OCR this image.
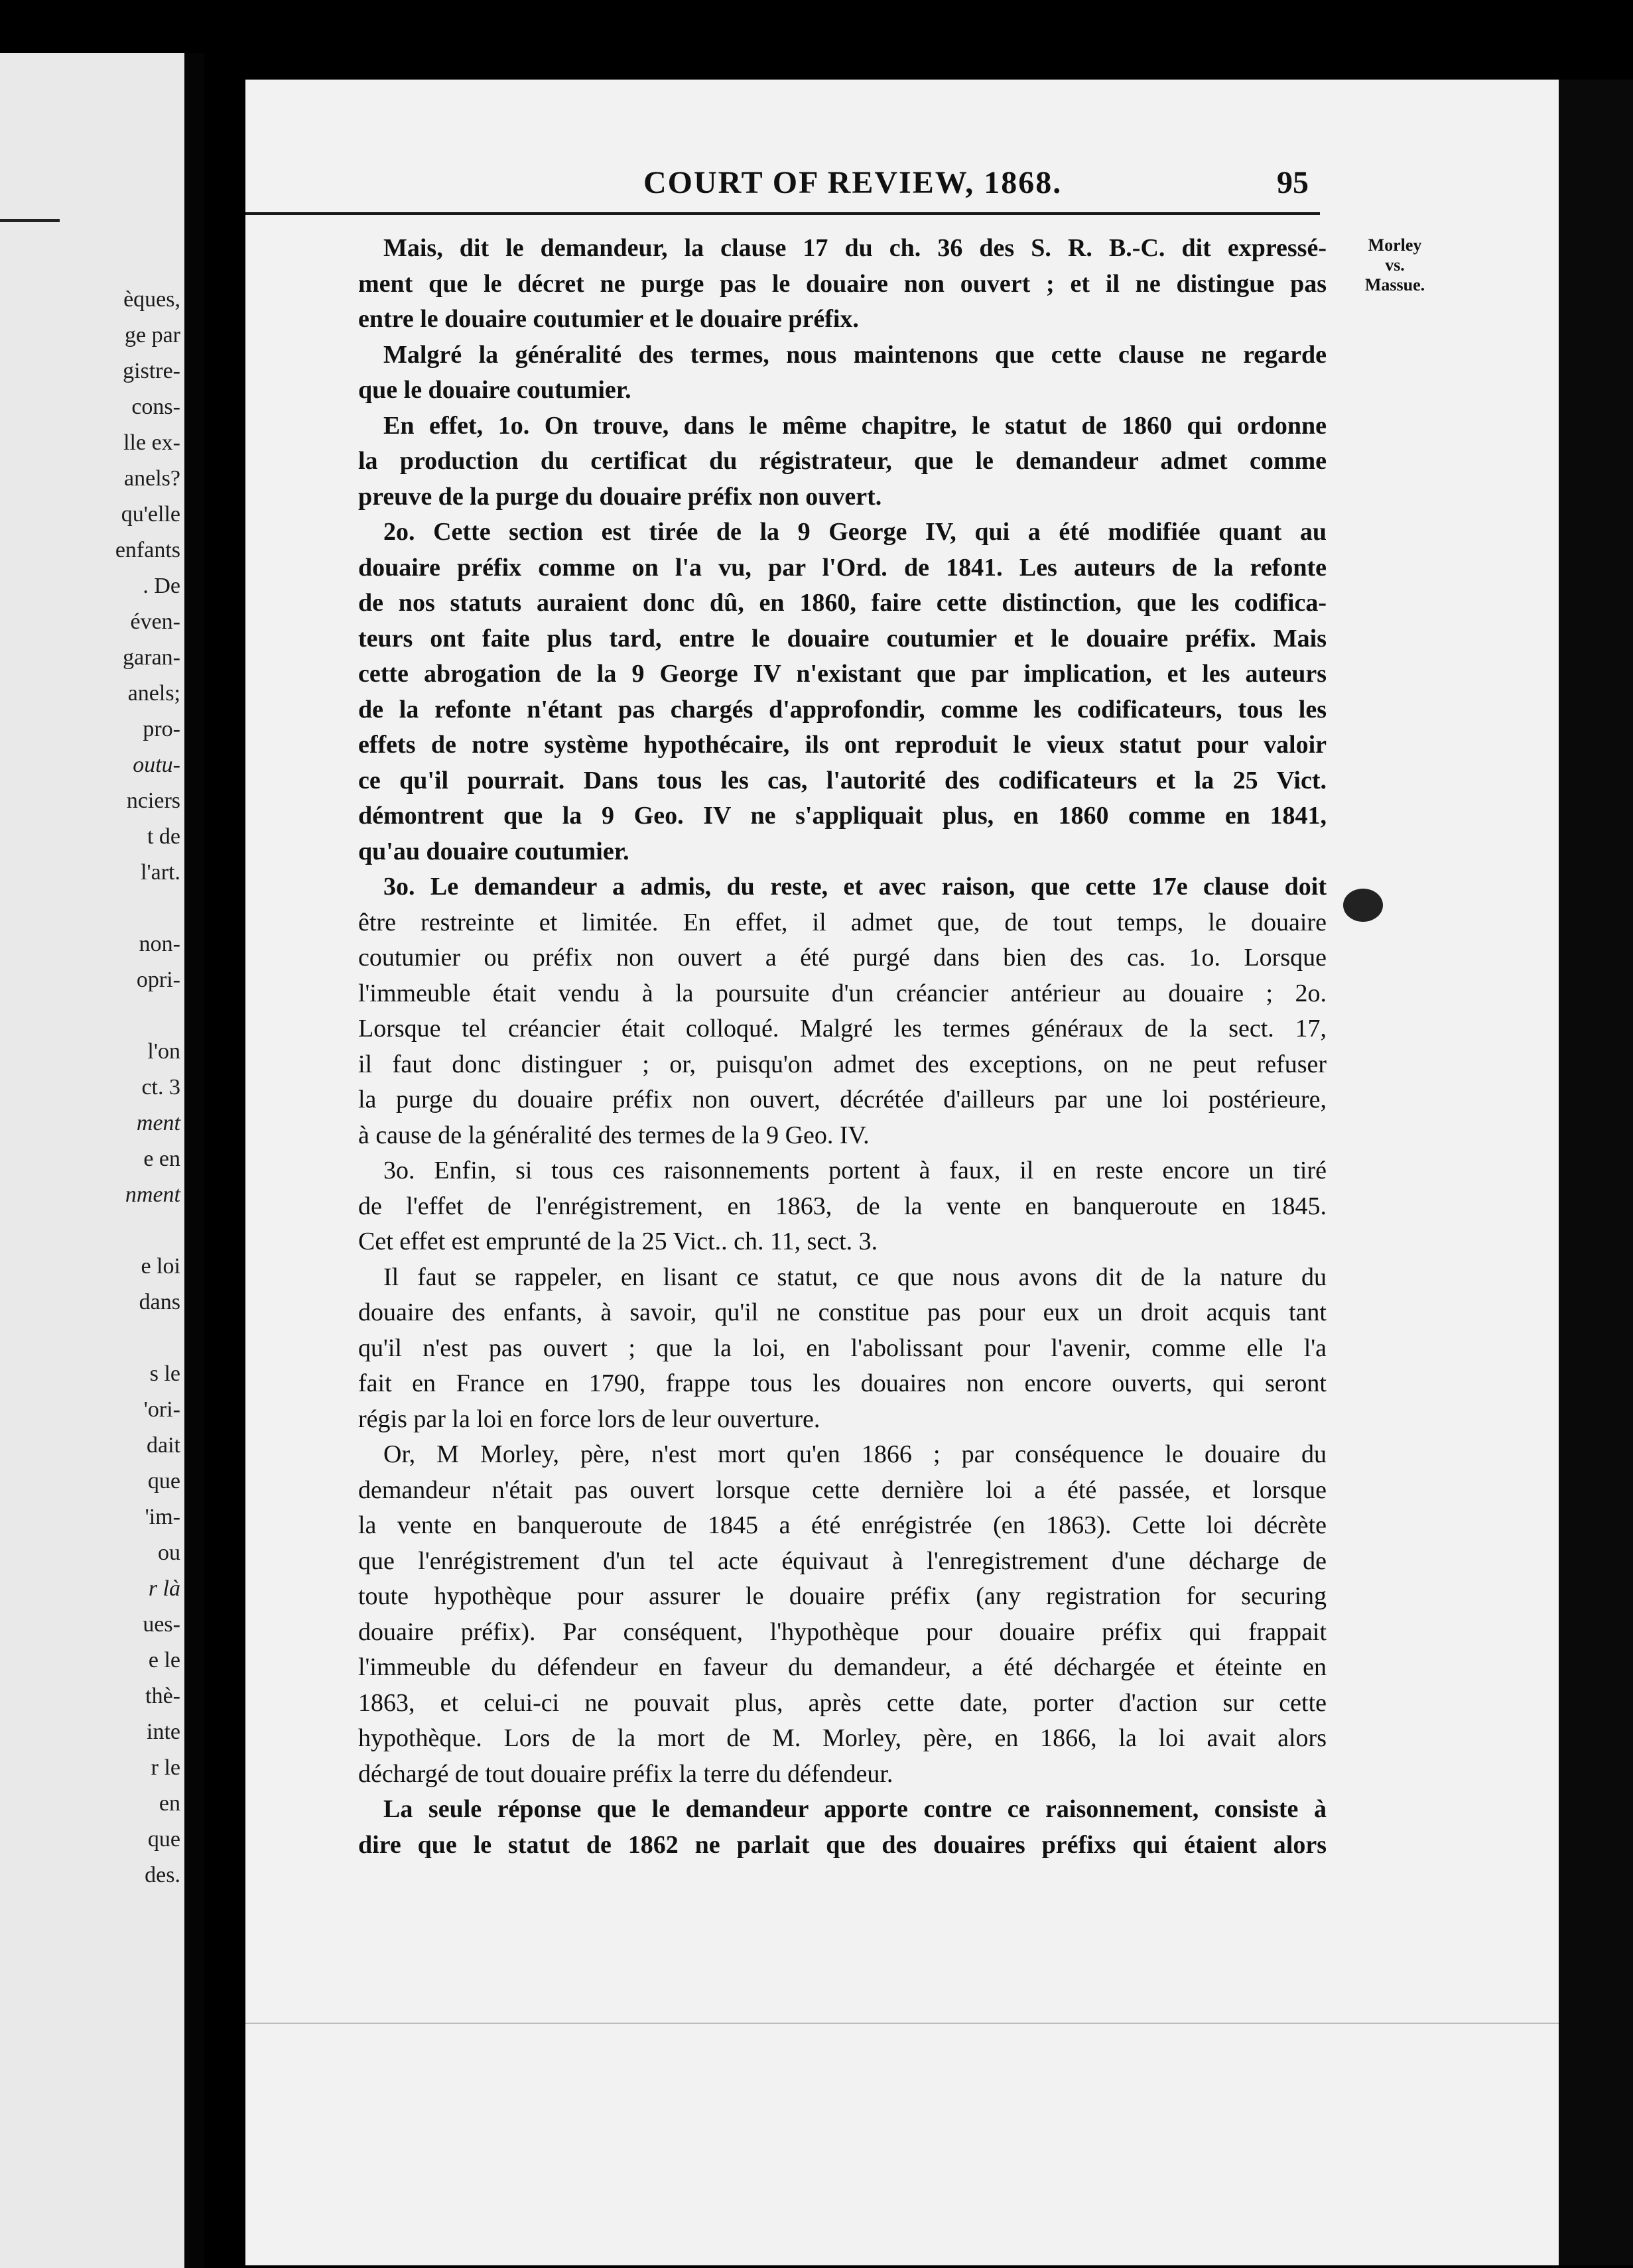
èques,
ge par
gistre-
cons-
lle ex-
anels?
qu'elle
enfants
. De
éven-
garan-
anels;
pro-
outu-
nciers
t de
l'art.
non-
opri-
l'on
ct. 3
ment
e en
nment
e loi
dans
s le
'ori-
dait
que
'im-
ou
r là
ues-
e le
thè-
inte
r le
en
que
des.
COURT OF REVIEW, 1868.	95
Morley
vs.
Massue.
Mais, dit le demandeur, la clause 17 du ch. 36 des S. R. B.-C. dit expressé-
ment que le décret ne purge pas le douaire non ouvert ; et il ne distingue pas
entre le douaire coutumier et le douaire préfix.
Malgré la généralité des termes, nous maintenons que cette clause ne regarde
que le douaire coutumier.
En effet, 1o. On trouve, dans le même chapitre, le statut de 1860 qui ordonne
la production du certificat du régistrateur, que le demandeur admet comme
preuve de la purge du douaire préfix non ouvert.
2o. Cette section est tirée de la 9 George IV, qui a été modifiée quant au
douaire préfix comme on l'a vu, par l'Ord. de 1841. Les auteurs de la refonte
de nos statuts auraient donc dû, en 1860, faire cette distinction, que les codifica-
teurs ont faite plus tard, entre le douaire coutumier et le douaire préfix. Mais
cette abrogation de la 9 George IV n'existant que par implication, et les auteurs
de la refonte n'étant pas chargés d'approfondir, comme les codificateurs, tous les
effets de notre système hypothécaire, ils ont reproduit le vieux statut pour valoir
ce qu'il pourrait. Dans tous les cas, l'autorité des codificateurs et la 25 Vict.
démontrent que la 9 Geo. IV ne s'appliquait plus, en 1860 comme en 1841,
qu'au douaire coutumier.
3o. Le demandeur a admis, du reste, et avec raison, que cette 17e clause doit
être restreinte et limitée. En effet, il admet que, de tout temps, le douaire
coutumier ou préfix non ouvert a été purgé dans bien des cas. 1o. Lorsque
l'immeuble était vendu à la poursuite d'un créancier antérieur au douaire ; 2o.
Lorsque tel créancier était colloqué. Malgré les termes généraux de la sect. 17,
il faut donc distinguer ; or, puisqu'on admet des exceptions, on ne peut refuser
la purge du douaire préfix non ouvert, décrétée d'ailleurs par une loi postérieure,
à cause de la généralité des termes de la 9 Geo. IV.
3o. Enfin, si tous ces raisonnements portent à faux, il en reste encore un tiré
de l'effet de l'enrégistrement, en 1863, de la vente en banqueroute en 1845.
Cet effet est emprunté de la 25 Vict.. ch. 11, sect. 3.
Il faut se rappeler, en lisant ce statut, ce que nous avons dit de la nature du
douaire des enfants, à savoir, qu'il ne constitue pas pour eux un droit acquis tant
qu'il n'est pas ouvert ; que la loi, en l'abolissant pour l'avenir, comme elle l'a
fait en France en 1790, frappe tous les douaires non encore ouverts, qui seront
régis par la loi en force lors de leur ouverture.
Or, M Morley, père, n'est mort qu'en 1866 ; par conséquence le douaire du
demandeur n'était pas ouvert lorsque cette dernière loi a été passée, et lorsque
la vente en banqueroute de 1845 a été enrégistrée (en 1863). Cette loi décrète
que l'enrégistrement d'un tel acte équivaut à l'enregistrement d'une décharge de
toute hypothèque pour assurer le douaire préfix (any registration for securing
douaire préfix). Par conséquent, l'hypothèque pour douaire préfix qui frappait
l'immeuble du défendeur en faveur du demandeur, a été déchargée et éteinte en
1863, et celui-ci ne pouvait plus, après cette date, porter d'action sur cette
hypothèque. Lors de la mort de M. Morley, père, en 1866, la loi avait alors
déchargé de tout douaire préfix la terre du défendeur.
La seule réponse que le demandeur apporte contre ce raisonnement, consiste à
dire que le statut de 1862 ne parlait que des douaires préfixs qui étaient alors
